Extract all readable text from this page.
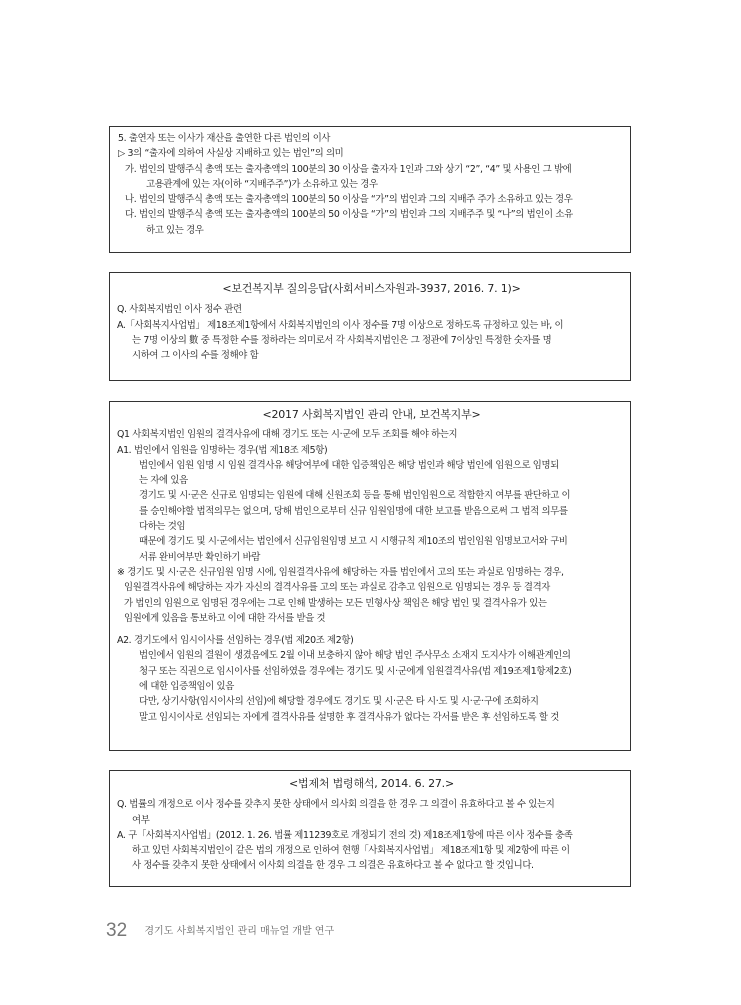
5. 출연자 또는 이사가 재산을 출연한 다른 법인의 이사

▷ 3의 “출자에 의하여 사실상 지배하고 있는 법인”의 의미

가. 법인의 발행주식 총액 또는 출자총액의 100분의 30 이상을 출자자 1인과 그와 상기 “2”, “4” 및 사용인 그 밖에

고용관계에 있는 자(이하 “지배주주”)가 소유하고 있는 경우

나. 법인의 발행주식 총액 또는 출자총액의 100분의 50 이상을 “가”의 법인과 그의 지배주 주가 소유하고 있는 경우

다. 법인의 발행주식 총액 또는 출자총액의 100분의 50 이상을 “가”의 법인과 그의 지배주주 및 “나”의 법인이 소유

하고 있는 경우

<보건복지부 질의응답(사회서비스자원과-3937, 2016. 7. 1)>

Q. 사회복지법인 이사 정수 관련

A.「사회복지사업법」 제18조제1항에서 사회복지법인의 이사 정수를 7명 이상으로 정하도록 규정하고 있는 바, 이

는 7명 이상의 數 중 특정한 수를 정하라는 의미로서 각 사회복지법인은 그 정관에 7이상인 특정한 숫자를 명

시하여 그 이사의 수를 정해야 함

<2017 사회복지법인 관리 안내, 보건복지부>

Q1 사회복지법인 임원의 결격사유에 대해 경기도 또는 시·군에 모두 조회를 해야 하는지

A1. 법인에서 임원을 임명하는 경우(법 제18조 제5항)

법인에서 임원 임명 시 임원 결격사유 해당여부에 대한 입증책임은 해당 법인과 해당 법인에 임원으로 임명되

는 자에 있음

경기도 및 시·군은 신규로 임명되는 임원에 대해 신원조회 등을 통해 법인임원으로 적합한지 여부를 판단하고 이

를 승인해야할 법적의무는 없으며, 당해 법인으로부터 신규 임원임명에 대한 보고를 받음으로써 그 법적 의무를

다하는 것임

때문에 경기도 및 시·군에서는 법인에서 신규임원임명 보고 시 시행규칙 제10조의 법인임원 임명보고서와 구비

서류 완비여부만 확인하기 바람

※ 경기도 및 시·군은 신규임원 임명 시에, 임원결격사유에 해당하는 자를 법인에서 고의 또는 과실로 임명하는 경우,

임원결격사유에 해당하는 자가 자신의 결격사유를 고의 또는 과실로 감추고 임원으로 임명되는 경우 등 결격자

가 법인의 임원으로 임명된 경우에는 그로 인해 발생하는 모든 민형사상 책임은 해당 법인 및 결격사유가 있는

임원에게 있음을 통보하고 이에 대한 각서를 받을 것

A2. 경기도에서 임시이사를 선임하는 경우(법 제20조 제2항)

법인에서 임원의 결원이 생겼음에도 2월 이내 보충하지 않아 해당 법인 주사무소 소재지 도지사가 이해관계인의

청구 또는 직권으로 임시이사를 선임하였을 경우에는 경기도 및 시·군에게 임원결격사유(법 제19조제1항제2호)

에 대한 입증책임이 있음

다만, 상기사항(임시이사의 선임)에 해당할 경우에도 경기도 및 시·군은 타 시·도 및 시·군·구에 조회하지

말고 임시이사로 선임되는 자에게 결격사유를 설명한 후 결격사유가 없다는 각서를 받은 후 선임하도록 할 것

<법제처 법령해석, 2014. 6. 27.>

Q. 법률의 개정으로 이사 정수를 갖추지 못한 상태에서 의사회 의결을 한 경우 그 의결이 유효하다고 볼 수 있는지

여부

A. 구「사회복지사업법」(2012. 1. 26. 법률 제11239호로 개정되기 전의 것) 제18조제1항에 따른 이사 정수를 충족

하고 있던 사회복지법인이 같은 법의 개정으로 인하여 현행「사회복지사업법」 제18조제1항 및 제2항에 따른 이

사 정수를 갖추지 못한 상태에서 이사회 의결을 한 경우 그 의결은 유효하다고 볼 수 없다고 할 것입니다.

32 경기도 사회복지법인 관리 매뉴얼 개발 연구
